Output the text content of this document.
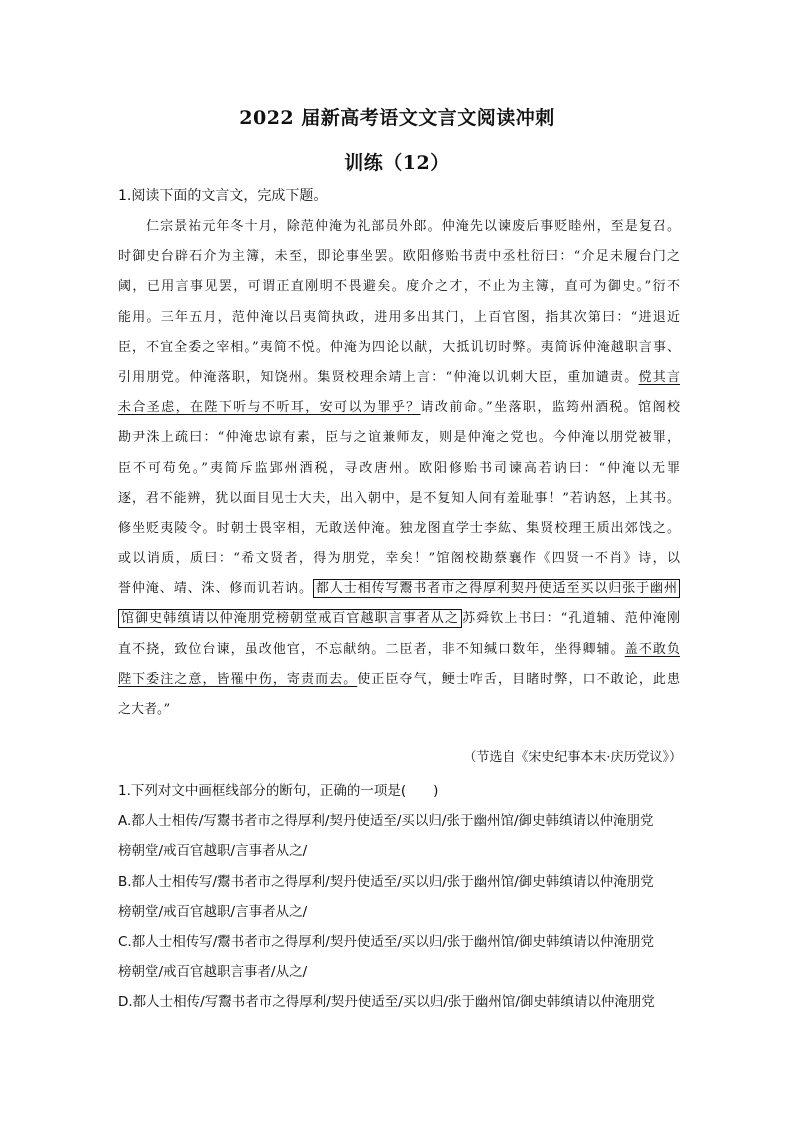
2022 届新高考语文文言文阅读冲刺
训练（12）
1.阅读下面的文言文，完成下题。
仁宗景祐元年冬十月，除范仲淹为礼部员外郎。仲淹先以谏废后事贬睦州，至是复召。
时御史台辟石介为主簿，未至，即论事坐罢。欧阳修贻书责中丞杜衍曰：“介足未履台门之
阈，已用言事见罢，可谓正直刚明不畏避矣。度介之才，不止为主簿，直可为御史。”衍不
能用。三年五月，范仲淹以吕夷简执政，进用多出其门，上百官图，指其次第曰：“进退近
臣，不宜全委之宰相。”夷简不悦。仲淹为四论以献，大抵讥切时弊。夷简诉仲淹越职言事、
引用朋党。仲淹落职，知饶州。集贤校理余靖上言：“仲淹以讥刺大臣，重加谴责。傥其言
未合圣虑，在陛下听与不听耳，安可以为罪乎？请改前命。”坐落职，监筠州酒税。馆阁校
勘尹洙上疏曰：“仲淹忠谅有素，臣与之谊兼师友，则是仲淹之党也。今仲淹以朋党被罪，
臣不可苟免。”夷简斥监郢州酒税，寻改唐州。欧阳修贻书司谏高若讷曰：“仲淹以无罪
逐，君不能辨，犹以面目见士大夫，出入朝中，是不复知人间有羞耻事！”若讷怒，上其书。
修坐贬夷陵令。时朝士畏宰相，无敢送仲淹。独龙图直学士李紘、集贤校理王质出郊饯之。
或以诮质，质曰：“希文贤者，得为朋党，幸矣！”馆阁校勘蔡襄作《四贤一不肖》诗，以
誉仲淹、靖、洙、修而讥若讷。 都人士相传写鬻书者市之得厚利契丹使适至买以归张于幽州
馆御史韩缜请以仲淹朋党榜朝堂戒百官越职言事者从之 苏舜钦上书曰：“孔道辅、范仲淹刚
直不挠，致位台谏，虽改他官，不忘献纳。二臣者，非不知缄口数年，坐得卿辅。盖不敢负
陛下委注之意，皆罹中伤，寄责而去。使正臣夺气，鲠士咋舌，目睹时弊，口不敢论，此患
之大者。”
（节选自《宋史纪事本末·庆历党议》）
1.下列对文中画框线部分的断句，正确的一项是(　　)
A.都人士相传/写鬻书者市之得厚利/契丹使适至/买以归/张于幽州馆/御史韩缜请以仲淹朋党
榜朝堂/戒百官越职/言事者从之/
B.都人士相传写/鬻书者市之得厚利/契丹使适至/买以归/张于幽州馆/御史韩缜请以仲淹朋党
榜朝堂/戒百官越职/言事者从之/
C.都人士相传写/鬻书者市之得厚利/契丹使适至/买以归/张于幽州馆/御史韩缜请以仲淹朋党
榜朝堂/戒百官越职言事者/从之/
D.都人士相传/写鬻书者市之得厚利/契丹使适至/买以归/张于幽州馆/御史韩缜请以仲淹朋党
